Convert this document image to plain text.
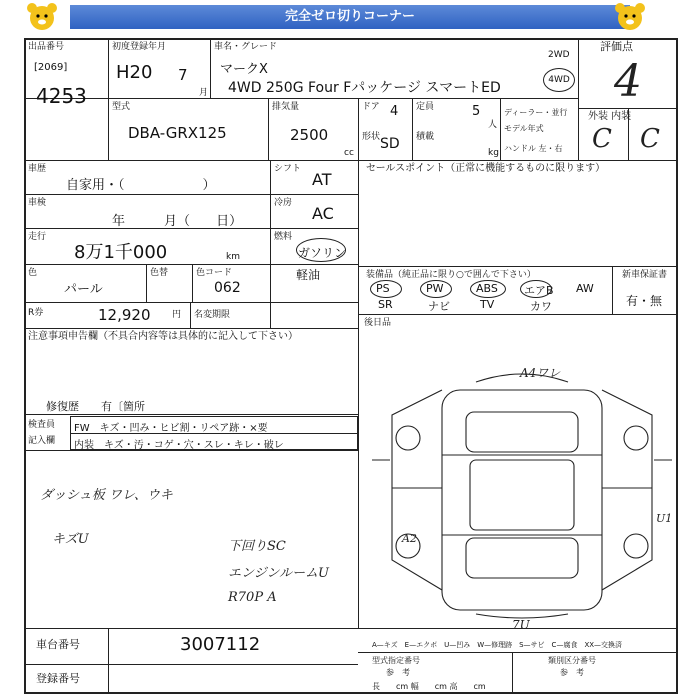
完全ゼロ切りコーナー
出品番号
[2069]
4253
初度登録年月
H20 7
月
車名・グレード
マークX
4WD 250G Four Fパッケージ スマートED
2WD
4WD
評価点
4
外装 内装
C C
型式
DBA-GRX125
排気量
2500
cc
ドア 4
形状 SD
定員	5
人
積載
kg
ディーラー・並行
モデル年式
ハンドル 左・右
車歴
自家用・（　　　　　　）
シフト
AT
車検
年　　　	月（　　日）
冷房
AC
走行
8万1千000	km
燃料
ガソリン
軽油
色
パール
色替	色コード
062
R券	12,920 円 名変期限
セールスポイント（正常に機能するものに限ります）
装備品（純正品に限り○で囲んで下さい）	新車保証書
有・無
PS	PW	ABS エアB AW
SR	ナビ	TV	カワ
後日品
注意事項申告欄（不具合内容等は具体的に記入して下さい）
修復歴　　有〔箇所
検査員
記入欄
FW　キズ・凹み・ヒビ割・リペア跡・×要
内装　キズ・汚・コゲ・穴・スレ・キレ・破レ
ダッシュ板 ワレ、ウキ
キズU	下回りSC
エンジンルームU
R70P A
A4ワレ
A2
U1
7U
車台番号	3007112
登録番号
A—キズ　E—エクボ　U—凹み　W—修理跡　S—サビ　C—腐食　XX—交換済
型式指定番号	類別区分番号
参　考	参　考
長　　cm 幅　　cm 高　　cm
